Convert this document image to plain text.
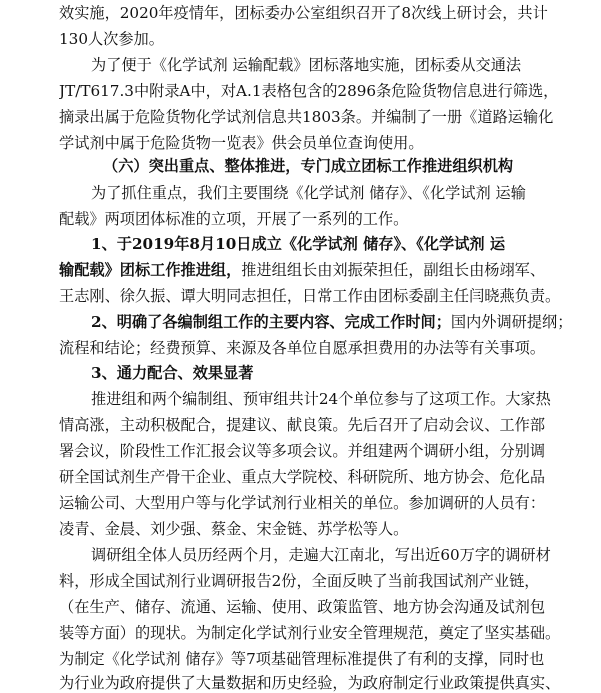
效实施，2020年疫情年，团标委办公室组织召开了8次线上研讨会，共计
130人次参加。
为了便于《化学试剂 运输配载》团标落地实施，团标委从交通法
JT/T617.3中附录A中，对A.1表格包含的2896条危险货物信息进行筛选，
摘录出属于危险货物化学试剂信息共1803条。并编制了一册《道路运输化
学试剂中属于危险货物一览表》供会员单位查询使用。
（六）突出重点、整体推进，专门成立团标工作推进组织机构
为了抓住重点，我们主要围绕《化学试剂 储存》、《化学试剂 运输
配载》两项团体标准的立项，开展了一系列的工作。
1、于2019年8月10日成立《化学试剂 储存》、《化学试剂 运
输配载》团标工作推进组，推进组组长由刘振荣担任，副组长由杨翊军、
王志刚、徐久振、谭大明同志担任，日常工作由团标委副主任闫晓燕负责。
2、明确了各编制组工作的主要内容、完成工作时间；国内外调研提纲；
流程和结论；经费预算、来源及各单位自愿承担费用的办法等有关事项。
3、通力配合、效果显著
推进组和两个编制组、预审组共计24个单位参与了这项工作。大家热
情高涨，主动积极配合，提建议、献良策。先后召开了启动会议、工作部
署会议，阶段性工作汇报会议等多项会议。并组建两个调研小组，分别调
研全国试剂生产骨干企业、重点大学院校、科研院所、地方协会、危化品
运输公司、大型用户等与化学试剂行业相关的单位。参加调研的人员有：
凌青、金晨、刘少强、蔡金、宋金链、苏学松等人。
调研组全体人员历经两个月，走遍大江南北，写出近60万字的调研材
料，形成全国试剂行业调研报告2份，全面反映了当前我国试剂产业链，
（在生产、储存、流通、运输、使用、政策监管、地方协会沟通及试剂包
装等方面）的现状。为制定化学试剂行业安全管理规范，奠定了坚实基础。
为制定《化学试剂 储存》等7项基础管理标准提供了有利的支撑，同时也
为行业为政府提供了大量数据和历史经验，为政府制定行业政策提供真实、
